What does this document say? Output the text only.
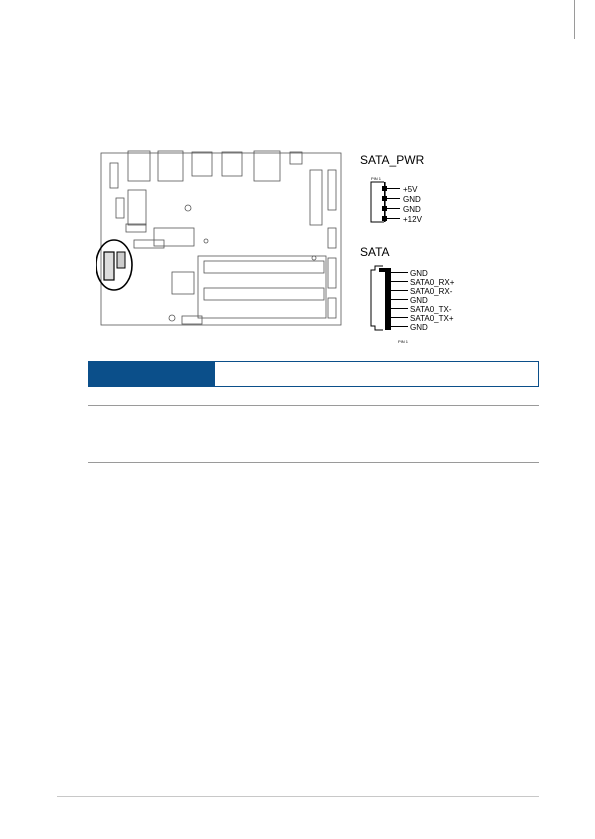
SATA_PWR
PIN 1
+5V
GND
GND
+12V
SATA
GND
SATA0_RX+
SATA0_RX-
GND
SATA0_TX-
SATA0_TX+
GND
PIN 1
